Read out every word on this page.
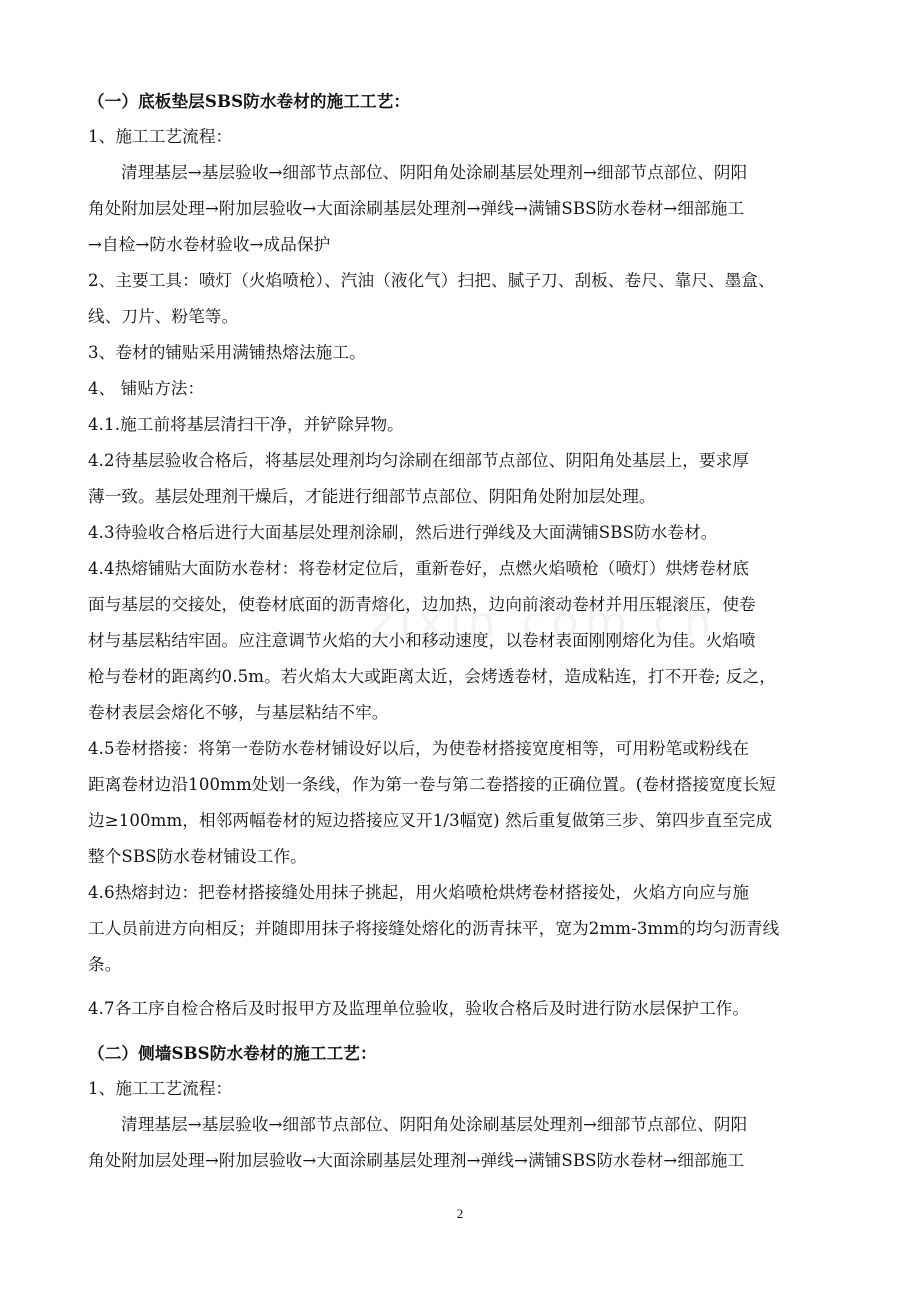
（一）底板垫层SBS防水卷材的施工工艺：
1、施工工艺流程：
清理基层→基层验收→细部节点部位、阴阳角处涂刷基层处理剂→细部节点部位、阴阳
角处附加层处理→附加层验收→大面涂刷基层处理剂→弹线→满铺SBS防水卷材→细部施工
→自检→防水卷材验收→成品保护
2、主要工具：喷灯（火焰喷枪）、汽油（液化气）扫把、腻子刀、刮板、卷尺、靠尺、墨盒、
线、刀片、粉笔等。
3、卷材的铺贴采用满铺热熔法施工。
4、 铺贴方法：
4.1.施工前将基层清扫干净，并铲除异物。
4.2待基层验收合格后，将基层处理剂均匀涂刷在细部节点部位、阴阳角处基层上，要求厚
薄一致。基层处理剂干燥后，才能进行细部节点部位、阴阳角处附加层处理。
4.3待验收合格后进行大面基层处理剂涂刷，然后进行弹线及大面满铺SBS防水卷材。
4.4热熔铺贴大面防水卷材：将卷材定位后，重新卷好，点燃火焰喷枪（喷灯）烘烤卷材底
面与基层的交接处，使卷材底面的沥青熔化，边加热，边向前滚动卷材并用压辊滚压，使卷
材与基层粘结牢固。应注意调节火焰的大小和移动速度，以卷材表面刚刚熔化为佳。火焰喷
枪与卷材的距离约0.5m。若火焰太大或距离太近，会烤透卷材，造成粘连，打不开卷; 反之，
卷材表层会熔化不够，与基层粘结不牢。
4.5卷材搭接：将第一卷防水卷材铺设好以后，为使卷材搭接宽度相等，可用粉笔或粉线在
距离卷材边沿100mm处划一条线，作为第一卷与第二卷搭接的正确位置。(卷材搭接宽度长短
边≥100mm，相邻两幅卷材的短边搭接应叉开1/3幅宽) 然后重复做第三步、第四步直至完成
整个SBS防水卷材铺设工作。
4.6热熔封边：把卷材搭接缝处用抹子挑起，用火焰喷枪烘烤卷材搭接处，火焰方向应与施
工人员前进方向相反；并随即用抹子将接缝处熔化的沥青抹平，宽为2mm-3mm的均匀沥青线
条。
4.7各工序自检合格后及时报甲方及监理单位验收，验收合格后及时进行防水层保护工作。
（二）侧墙SBS防水卷材的施工工艺：
1、施工工艺流程：
清理基层→基层验收→细部节点部位、阴阳角处涂刷基层处理剂→细部节点部位、阴阳
角处附加层处理→附加层验收→大面涂刷基层处理剂→弹线→满铺SBS防水卷材→细部施工
2
